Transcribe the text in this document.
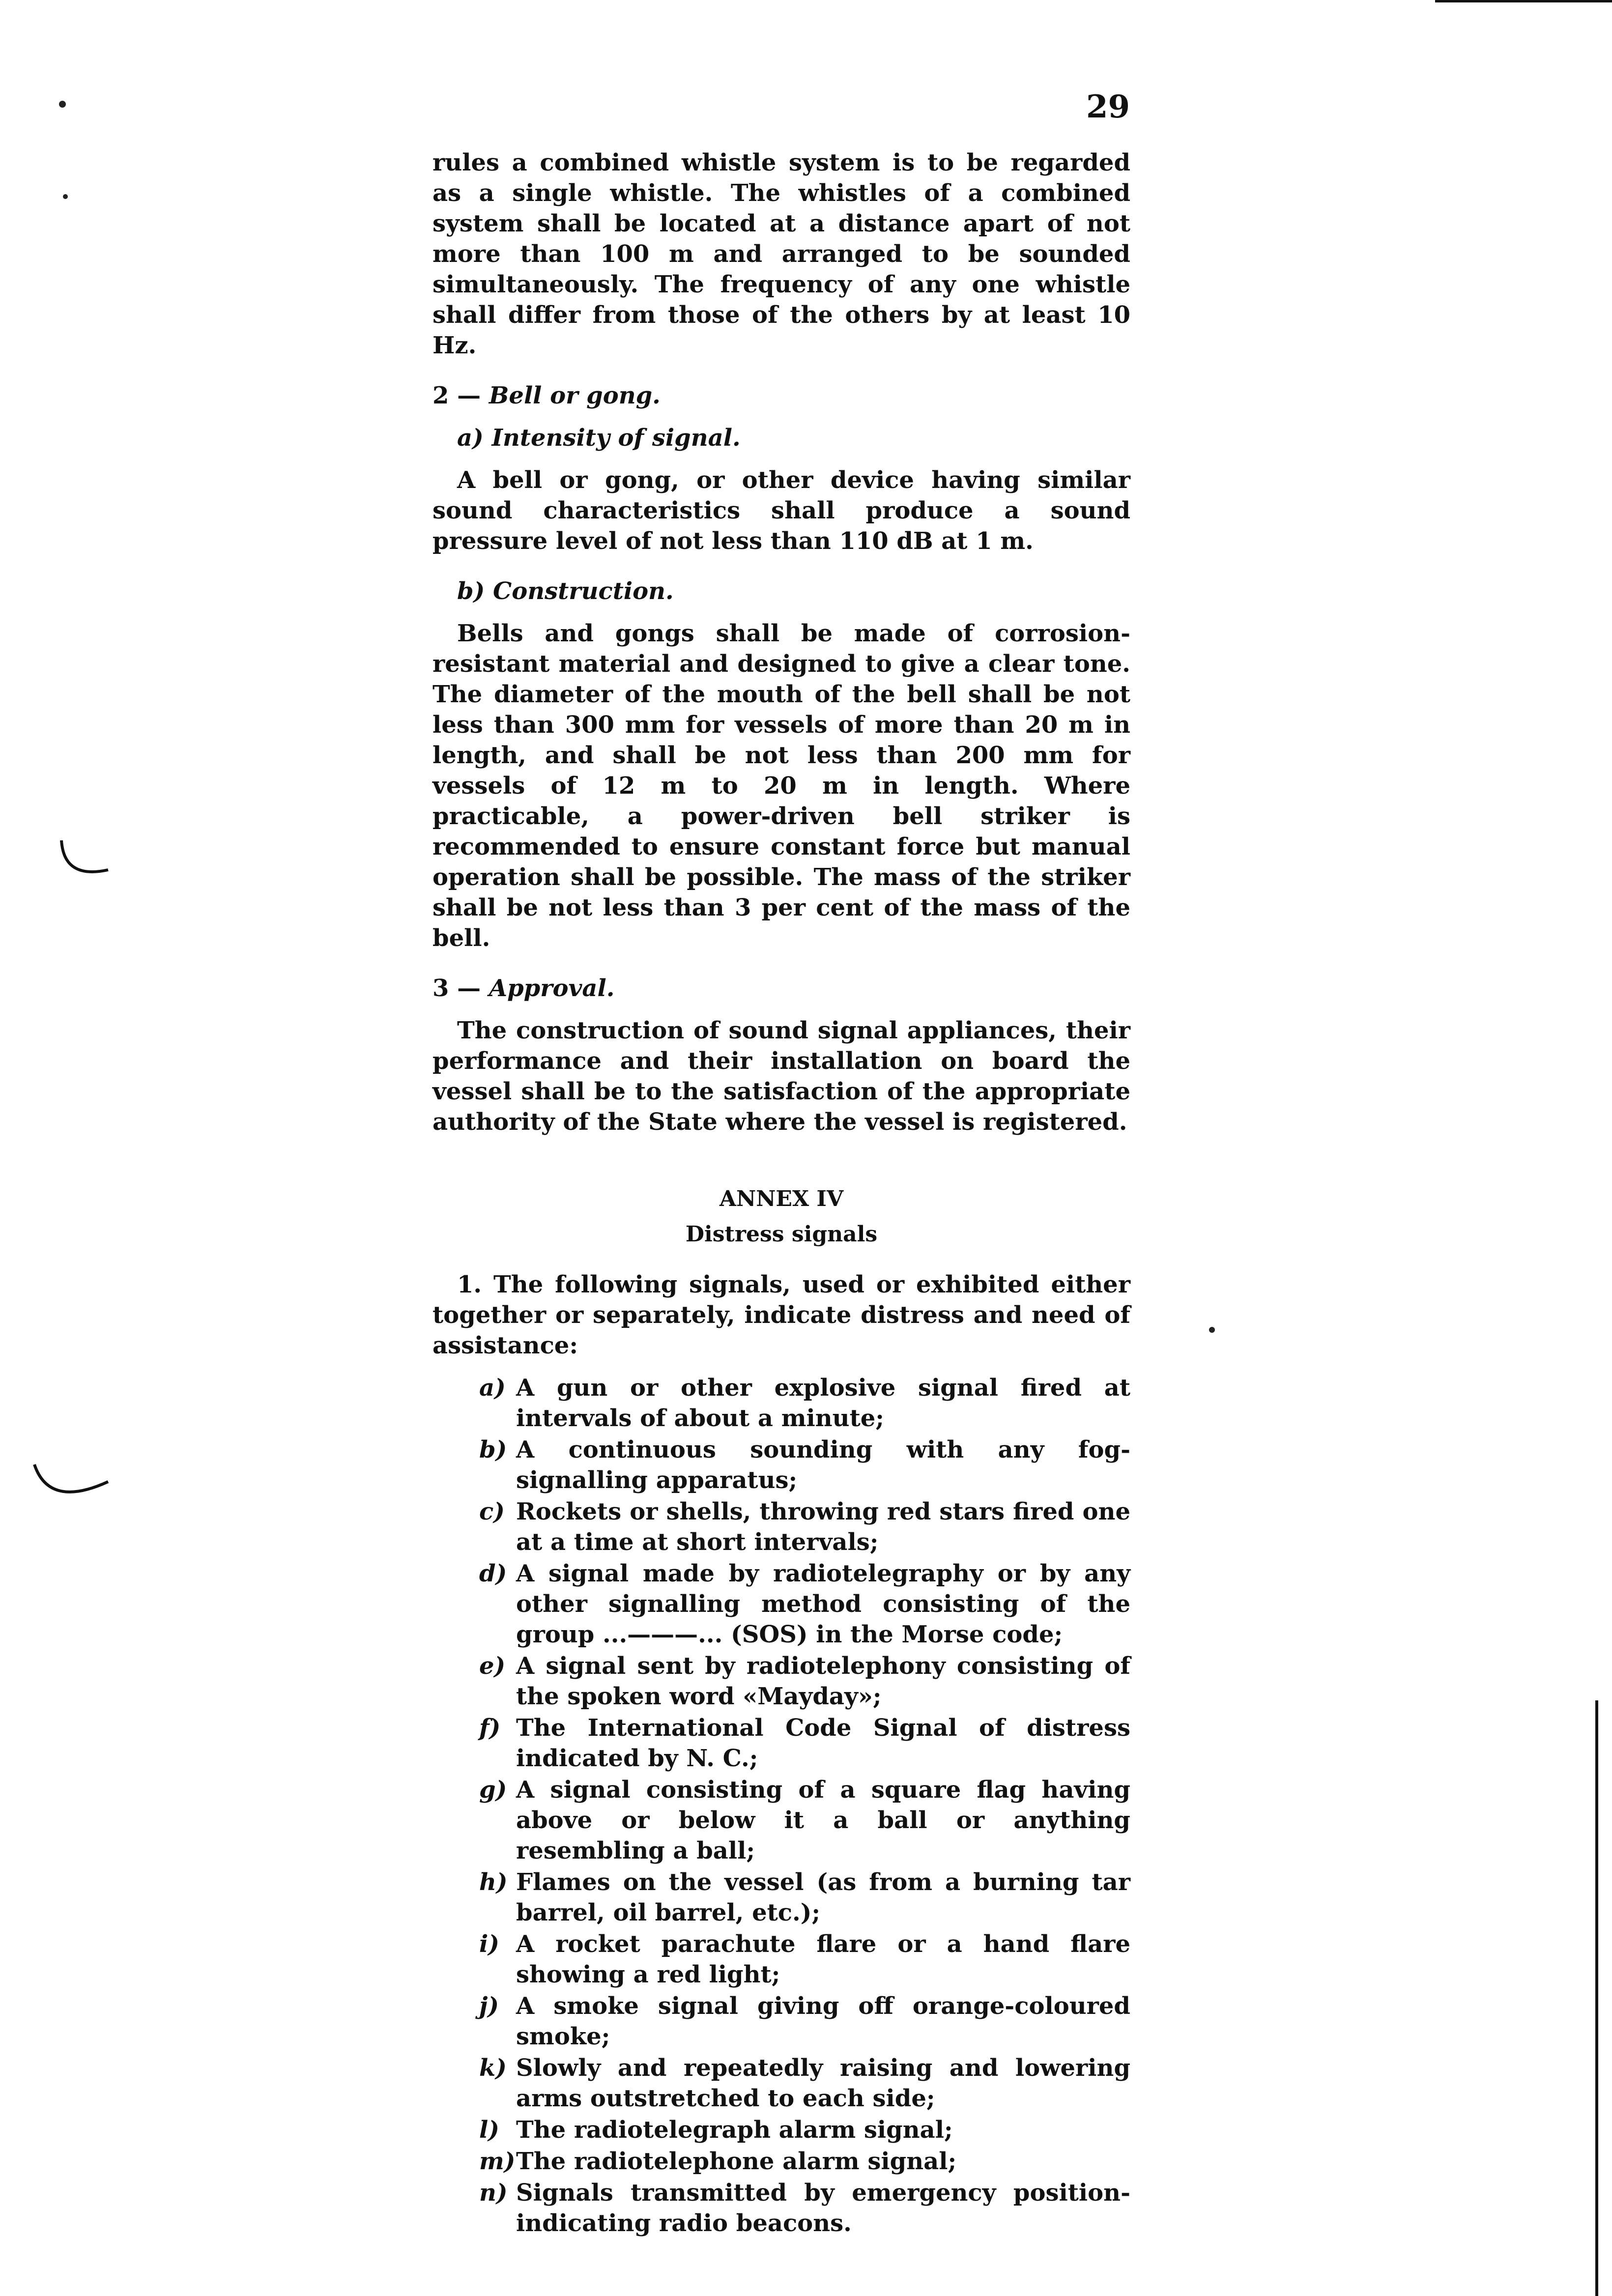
29

rules a combined whistle system is to be regarded as a single whistle. The whistles of a combined system shall be located at a distance apart of not more than 100 m and arranged to be sounded simultaneously. The frequency of any one whistle shall differ from those of the others by at least 10 Hz.

2 — Bell or gong.

a) Intensity of signal.

A bell or gong, or other device having similar sound characteristics shall produce a sound pressure level of not less than 110 dB at 1 m.

b) Construction.

Bells and gongs shall be made of corrosion-resistant material and designed to give a clear tone. The diameter of the mouth of the bell shall be not less than 300 mm for vessels of more than 20 m in length, and shall be not less than 200 mm for vessels of 12 m to 20 m in length. Where practicable, a power-driven bell striker is recommended to ensure constant force but manual operation shall be possible. The mass of the striker shall be not less than 3 per cent of the mass of the bell.

3 — Approval.

The construction of sound signal appliances, their performance and their installation on board the vessel shall be to the satisfaction of the appropriate authority of the State where the vessel is registered.

ANNEX IV
Distress signals

1. The following signals, used or exhibited either together or separately, indicate distress and need of assistance:

a) A gun or other explosive signal fired at intervals of about a minute;
b) A continuous sounding with any fog-signalling apparatus;
c) Rockets or shells, throwing red stars fired one at a time at short intervals;
d) A signal made by radiotelegraphy or by any other signalling method consisting of the group ...———... (SOS) in the Morse code;
e) A signal sent by radiotelephony consisting of the spoken word «Mayday»;
f) The International Code Signal of distress indicated by N. C.;
g) A signal consisting of a square flag having above or below it a ball or anything resembling a ball;
h) Flames on the vessel (as from a burning tar barrel, oil barrel, etc.);
i) A rocket parachute flare or a hand flare showing a red light;
j) A smoke signal giving off orange-coloured smoke;
k) Slowly and repeatedly raising and lowering arms outstretched to each side;
l) The radiotelegraph alarm signal;
m)The radiotelephone alarm signal;
n) Signals transmitted by emergency position-indicating radio beacons.
